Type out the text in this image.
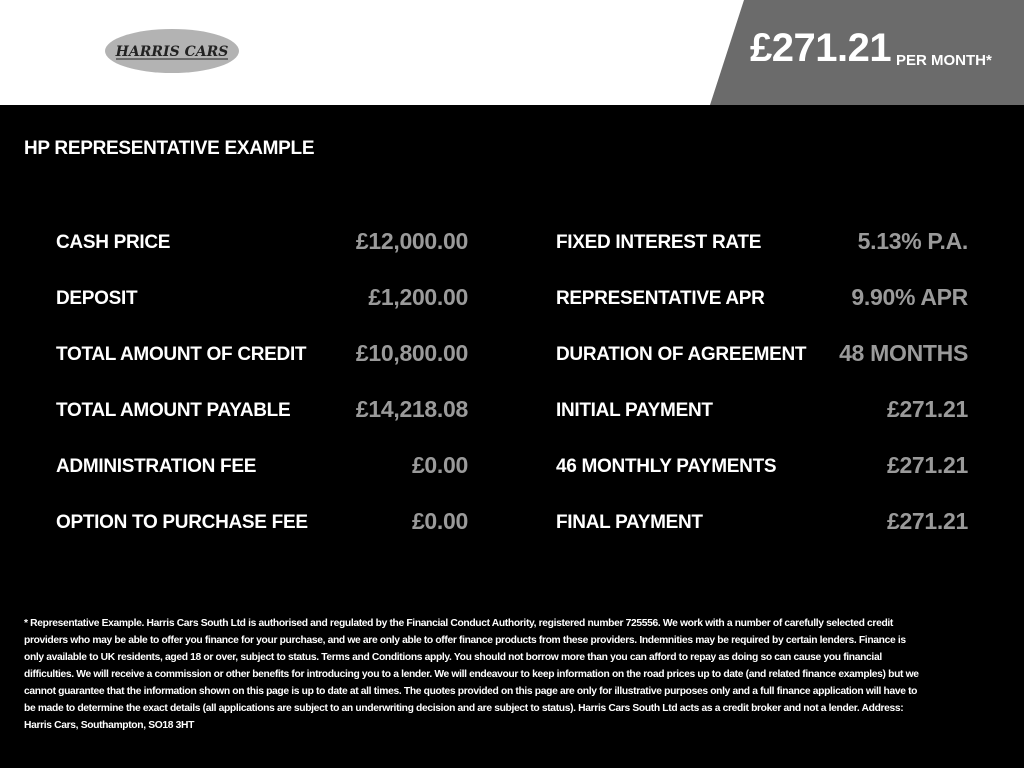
HARRIS CARS	£271.21 PER MONTH*
HP REPRESENTATIVE EXAMPLE
CASH PRICE	£12,000.00
DEPOSIT	£1,200.00
TOTAL AMOUNT OF CREDIT £10,800.00
TOTAL AMOUNT PAYABLE	£14,218.08
ADMINISTRATION FEE	£0.00
OPTION TO PURCHASE FEE	£0.00
FIXED INTEREST RATE	5.13% P.A.
REPRESENTATIVE APR	9.90% APR
DURATION OF AGREEMENT 48 MONTHS
INITIAL PAYMENT	£271.21
46 MONTHLY PAYMENTS	£271.21
FINAL PAYMENT	£271.21
* Representative Example. Harris Cars South Ltd is authorised and regulated by the Financial Conduct Authority, registered number 725556. We work with a number of carefully selected credit providers who may be able to offer you finance for your purchase, and we are only able to offer finance products from these providers. Indemnities may be required by certain lenders. Finance is only available to UK residents, aged 18 or over, subject to status. Terms and Conditions apply. You should not borrow more than you can afford to repay as doing so can cause you financial difficulties. We will receive a commission or other benefits for introducing you to a lender. We will endeavour to keep information on the road prices up to date (and related finance examples) but we cannot guarantee that the information shown on this page is up to date at all times. The quotes provided on this page are only for illustrative purposes only and a full finance application will have to be made to determine the exact details (all applications are subject to an underwriting decision and are subject to status). Harris Cars South Ltd acts as a credit broker and not a lender. Address: Harris Cars, Southampton, SO18 3HT
